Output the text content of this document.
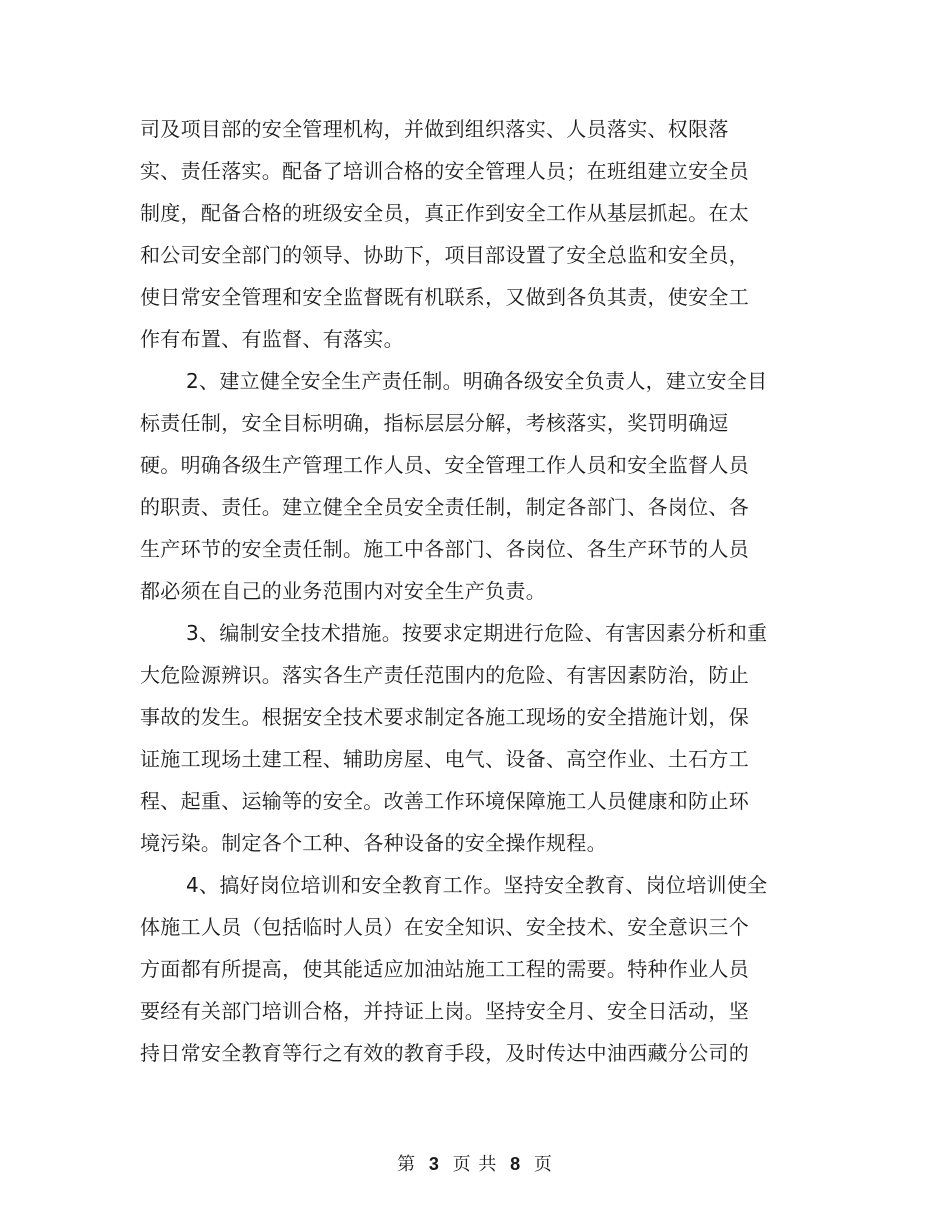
司及项目部的安全管理机构，并做到组织落实、人员落实、权限落
实、责任落实。配备了培训合格的安全管理人员；在班组建立安全员
制度，配备合格的班级安全员，真正作到安全工作从基层抓起。在太
和公司安全部门的领导、协助下，项目部设置了安全总监和安全员，
使日常安全管理和安全监督既有机联系，又做到各负其责，使安全工
作有布置、有监督、有落实。
2、建立健全安全生产责任制。明确各级安全负责人，建立安全目
标责任制，安全目标明确，指标层层分解，考核落实，奖罚明确逗
硬。明确各级生产管理工作人员、安全管理工作人员和安全监督人员
的职责、责任。建立健全全员安全责任制，制定各部门、各岗位、各
生产环节的安全责任制。施工中各部门、各岗位、各生产环节的人员
都必须在自己的业务范围内对安全生产负责。
3、编制安全技术措施。按要求定期进行危险、有害因素分析和重
大危险源辨识。落实各生产责任范围内的危险、有害因素防治，防止
事故的发生。根据安全技术要求制定各施工现场的安全措施计划，保
证施工现场土建工程、辅助房屋、电气、设备、高空作业、土石方工
程、起重、运输等的安全。改善工作环境保障施工人员健康和防止环
境污染。制定各个工种、各种设备的安全操作规程。
4、搞好岗位培训和安全教育工作。坚持安全教育、岗位培训使全
体施工人员（包括临时人员）在安全知识、安全技术、安全意识三个
方面都有所提高，使其能适应加油站施工工程的需要。特种作业人员
要经有关部门培训合格，并持证上岗。坚持安全月、安全日活动，坚
持日常安全教育等行之有效的教育手段，及时传达中油西藏分公司的
第 3 页 共 8 页
